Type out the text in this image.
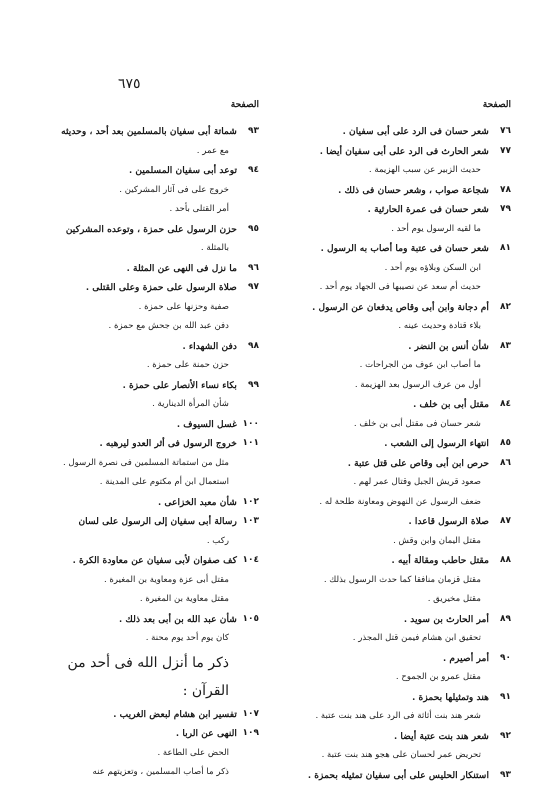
٦٧٥
الصفحة
٧٦
شعر حسان فى الرد على أبى سفيان .
٧٧
شعر الحارث فى الرد على أبى سفيان أيضا .
حديث الزبير عن سبب الهزيمة .
٧٨
شجاعة صواب ، وشعر حسان فى ذلك .
٧٩
شعر حسان فى عمرة الحارثية .
ما لقيه الرسول يوم أحد .
٨١
شعر حسان فى عتبة وما أصاب به الرسول .
ابن السكن وبلاؤه يوم أحد .
حديث أم سعد عن نصيبها فى الجهاد يوم أحد .
٨٢
أم دجانة وابن أبى وقاص يدفعان عن الرسول .
بلاء قتادة وحديث عينه .
٨٣
شأن أنس بن النضر .
ما أصاب ابن عوف من الجراحات .
أول من عرف الرسول بعد الهزيمة .
٨٤
مقتل أبى بن خلف .
شعر حسان فى مقتل أبى بن خلف .
٨٥
انتهاء الرسول إلى الشعب .
٨٦
حرص ابن أبى وقاص على قتل عتبة .
صعود قريش الجبل وقتال عمر لهم .
ضعف الرسول عن النهوض ومعاونة طلحة له .
٨٧
صلاة الرسول قاعدا .
مقتل اليمان وابن وقش .
٨٨
مقتل حاطب ومقالة أبيه .
مقتل قزمان منافقا كما حدث الرسول بذلك .
مقتل مخيريق .
٨٩
أمر الحارث بن سويد .
تحقيق ابن هشام فيمن قتل المجذر .
٩٠
أمر أصيرم .
مقتل عمرو بن الجموح .
٩١
هند وتمثيلها بحمزة .
شعر هند بنت أثاثة فى الرد على هند بنت عتبة .
٩٢
شعر هند بنت عتبة أيضا .
تحريض عمر لحسان على هجو هند بنت عتبة .
٩٣
استنكار الحليس على أبى سفيان تمثيله بحمزة .
الصفحة
٩٣
شماتة أبى سفيان بالمسلمين بعد أحد ، وحديثه
مع عمر .
٩٤
توعد أبى سفيان المسلمين .
خروج على فى آثار المشركين .
أمر القتلى بأحد .
٩٥
حزن الرسول على حمزة ، وتوعده المشركين
بالمثلة .
٩٦
ما نزل فى النهى عن المثلة .
٩٧
صلاة الرسول على حمزة وعلى القتلى .
صفية وحزنها على حمزة .
دفن عبد الله بن جحش مع حمزة .
٩٨
دفن الشهداء .
حزن حمنة على حمزة .
٩٩
بكاء نساء الأنصار على حمزة .
شأن المرأة الدينارية .
١٠٠
غسل السيوف .
١٠١
خروج الرسول فى أثر العدو ليرهبه .
مثل من استماتة المسلمين فى نصرة الرسول .
استعمال ابن أم مكتوم على المدينة .
١٠٢
شأن معبد الخزاعى .
١٠٣
رسالة أبى سفيان إلى الرسول على لسان
ركب .
١٠٤
كف صفوان لأبى سفيان عن معاودة الكرة .
مقتل أبى عزة ومعاوية بن المغيرة .
مقتل معاوية بن المغيرة .
١٠٥
شأن عبد الله بن أبى بعد ذلك .
كان يوم أحد يوم محنة .
ذكر ما أنزل الله فى أحد من
القرآن :
١٠٧
تفسير ابن هشام لبعض الغريب .
١٠٩
النهى عن الربا .
الحض على الطاعة .
ذكر ما أصاب المسلمين ، وتعزيتهم عنه
